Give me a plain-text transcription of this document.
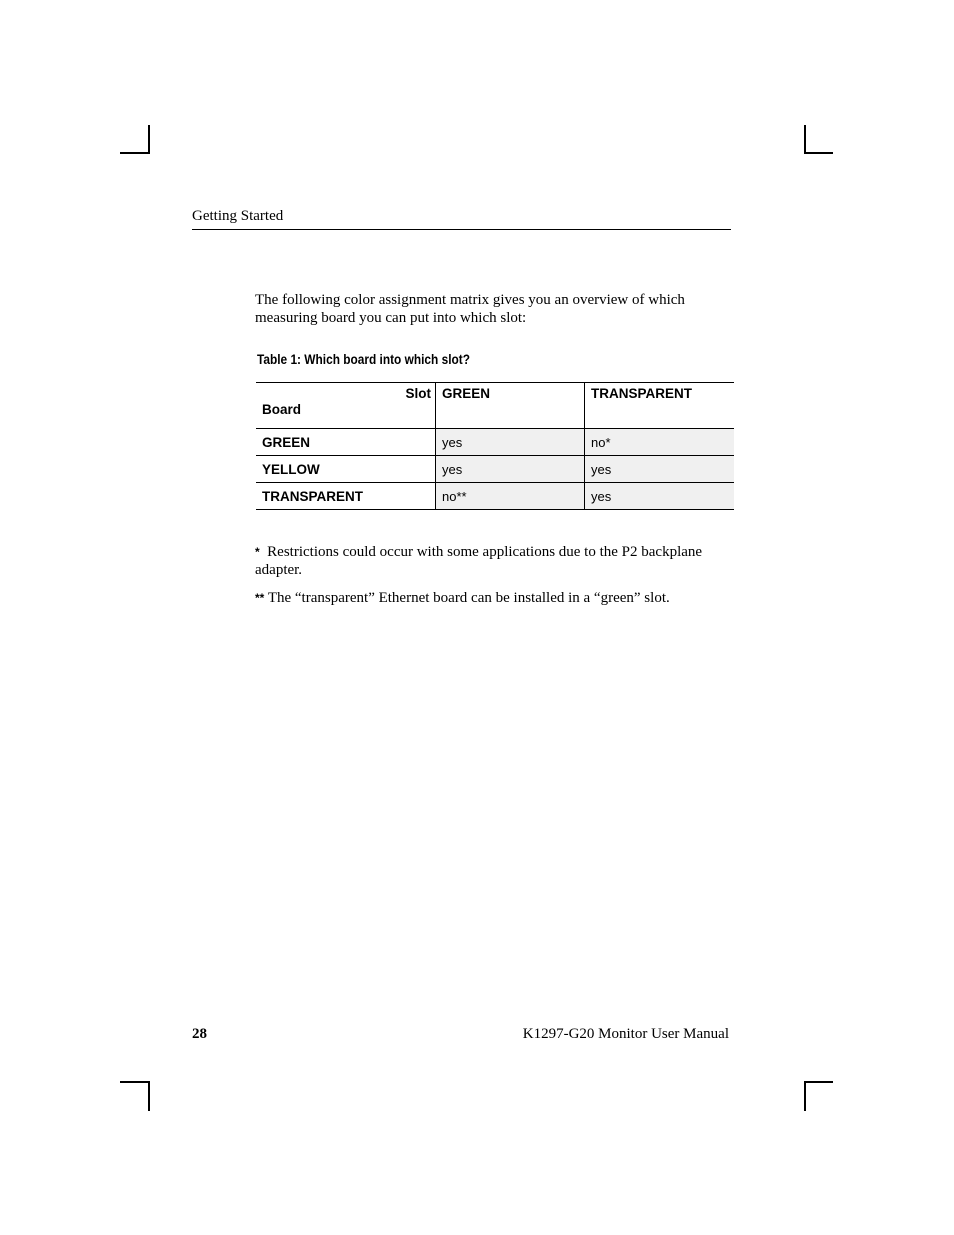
Getting Started

The following color assignment matrix gives you an overview of which measuring board you can put into which slot:

Table 1: Which board into which slot?
Slot
Board	GREEN	TRANSPARENT
GREEN	yes	no*
YELLOW	yes	yes
TRANSPARENT	no**	yes

* Restrictions could occur with some applications due to the P2 backplane adapter.

** The “transparent” Ethernet board can be installed in a “green” slot.

28	K1297-G20 Monitor User Manual
